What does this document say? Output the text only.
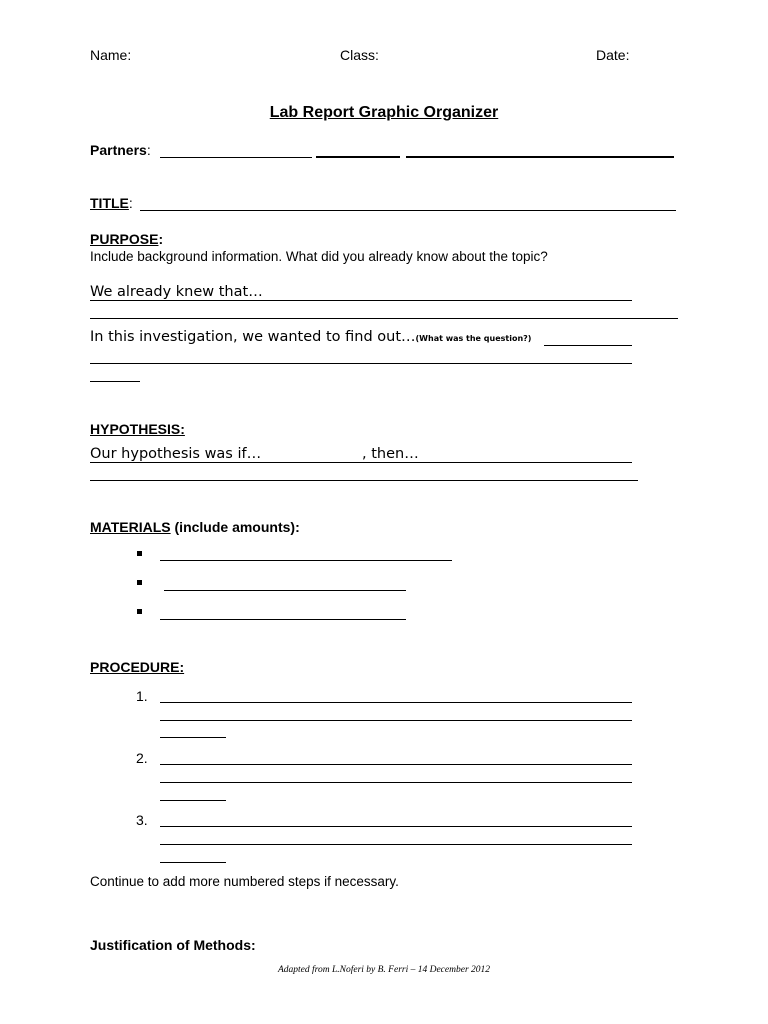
Name:	Class:	Date:
Lab Report Graphic Organizer
Partners:
TITLE:
PURPOSE:
Include background information. What did you already know about the topic?
We already knew that…
In this investigation, we wanted to find out…(What was the question?)
HYPOTHESIS:
Our hypothesis was if…	, then…
MATERIALS (include amounts):
PROCEDURE:
1.
2.
3.
Continue to add more numbered steps if necessary.
Justification of Methods:
Adapted from L.Noferi by B. Ferri – 14 December 2012
